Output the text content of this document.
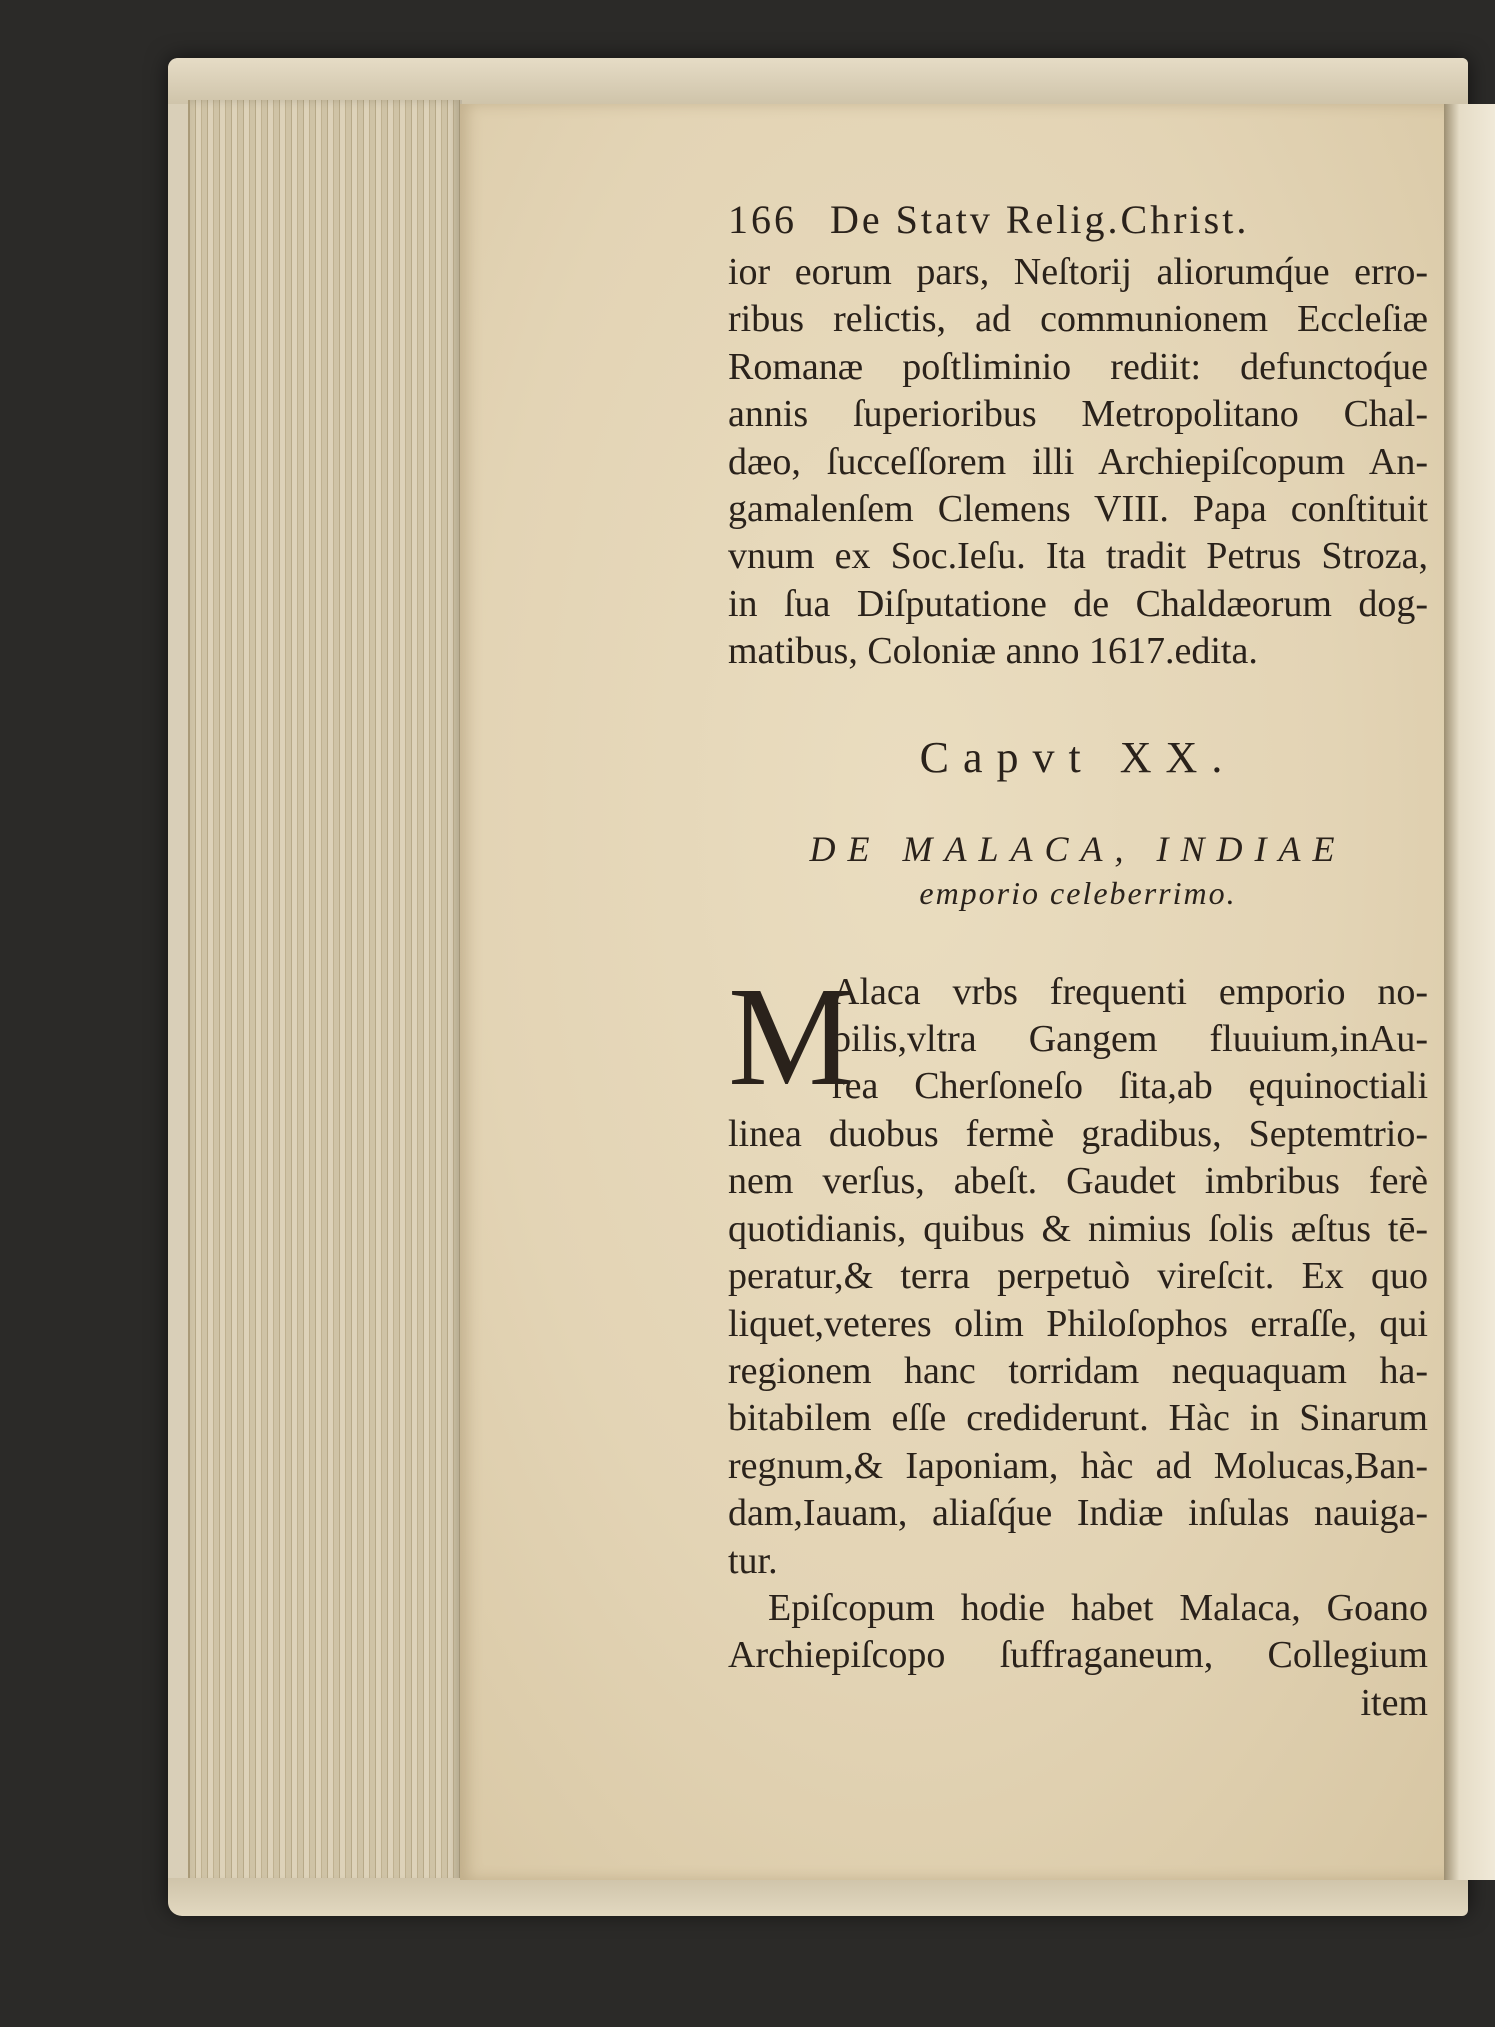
166 De Statv Relig.Christ.
ior eorum pars, Neſtorij aliorumq́ue erro-
ribus relictis, ad communionem Eccleſiæ
Romanæ poſtliminio rediit: defunctoq́ue
annis ſuperioribus Metropolitano Chal-
dæo, ſucceſſorem illi Archiepiſcopum An-
gamalenſem Clemens VIII. Papa conſtituit
vnum ex Soc.Ieſu. Ita tradit Petrus Stroza,
in ſua Diſputatione de Chaldæorum dog-
matibus, Coloniæ anno 1617.edita.
Capvt XX.
DE MALACA, INDIAE
emporio celeberrimo.
M
Alaca vrbs frequenti emporio no-
bilis,vltra Gangem fluuium,inAu-
rea Cherſoneſo ſita,ab ęquinoctiali
linea duobus fermè gradibus, Septemtrio-
nem verſus, abeſt. Gaudet imbribus ferè
quotidianis, quibus & nimius ſolis æſtus tē-
peratur,& terra perpetuò vireſcit. Ex quo
liquet,veteres olim Philoſophos erraſſe, qui
regionem hanc torridam nequaquam ha-
bitabilem eſſe crediderunt. Hàc in Sinarum
regnum,& Iaponiam, hàc ad Molucas,Ban-
dam,Iauam, aliaſq́ue Indiæ inſulas nauiga-
tur.
Epiſcopum hodie habet Malaca, Goano
Archiepiſcopo ſuffraganeum, Collegium
item
